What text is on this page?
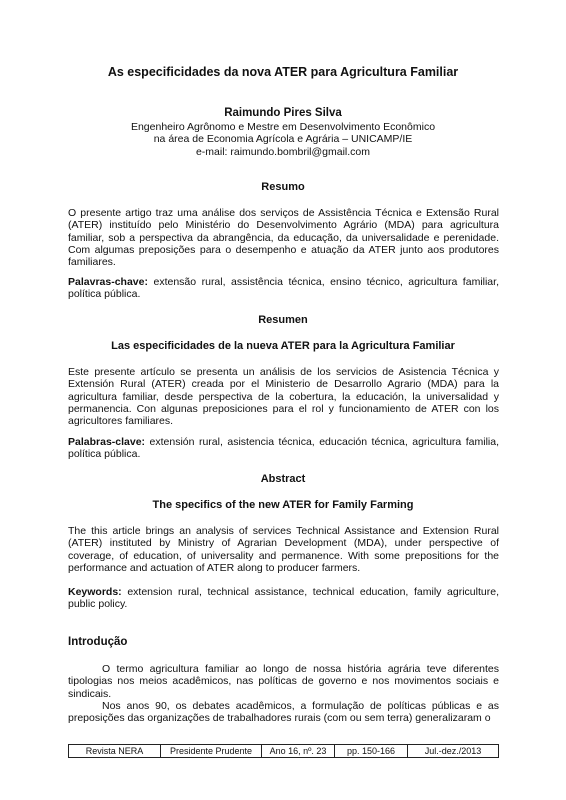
As especificidades da nova ATER para Agricultura Familiar
Raimundo Pires Silva
Engenheiro Agrônomo e Mestre em Desenvolvimento Econômico
na área de Economia Agrícola e Agrária – UNICAMP/IE
e-mail: raimundo.bombril@gmail.com
Resumo
O presente artigo traz uma análise dos serviços de Assistência Técnica e Extensão Rural (ATER) instituído pelo Ministério do Desenvolvimento Agrário (MDA) para agricultura familiar, sob a perspectiva da abrangência, da educação, da universalidade e perenidade. Com algumas preposições para o desempenho e atuação da ATER junto aos produtores familiares.
Palavras-chave: extensão rural, assistência técnica, ensino técnico, agricultura familiar, política pública.
Resumen
Las especificidades de la nueva ATER para la Agricultura Familiar
Este presente artículo se presenta un análisis de los servicios de Asistencia Técnica y Extensión Rural (ATER) creada por el Ministerio de Desarrollo Agrario (MDA) para la agricultura familiar, desde perspectiva de la cobertura, la educación, la universalidad y permanencia. Con algunas preposiciones para el rol y funcionamiento de ATER con los agricultores familiares.
Palabras-clave: extensión rural, asistencia técnica, educación técnica, agricultura familia, política pública.
Abstract
The specifics of the new ATER for Family Farming
The this article brings an analysis of services Technical Assistance and Extension Rural (ATER) instituted by Ministry of Agrarian Development (MDA), under perspective of coverage, of education, of universality and permanence. With some prepositions for the performance and actuation of ATER along to producer farmers.
Keywords: extension rural, technical assistance, technical education, family agriculture, public policy.
Introdução
O termo agricultura familiar ao longo de nossa história agrária teve diferentes tipologias nos meios acadêmicos, nas políticas de governo e nos movimentos sociais e sindicais.
Nos anos 90, os debates acadêmicos, a formulação de políticas públicas e as preposições das organizações de trabalhadores rurais (com ou sem terra) generalizaram o
Revista NERA	Presidente Prudente	Ano 16, nº. 23	pp. 150-166	Jul.-dez./2013
